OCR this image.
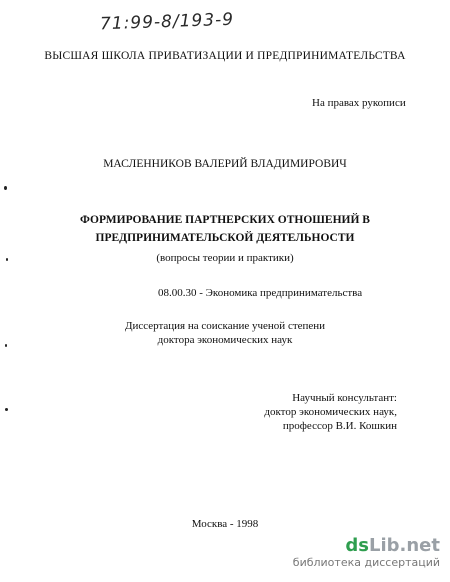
71:99-8/193-9
ВЫСШАЯ ШКОЛА ПРИВАТИЗАЦИИ И ПРЕДПРИНИМАТЕЛЬСТВА
На правах рукописи
МАСЛЕННИКОВ ВАЛЕРИЙ ВЛАДИМИРОВИЧ
ФОРМИРОВАНИЕ ПАРТНЕРСКИХ ОТНОШЕНИЙ В
ПРЕДПРИНИМАТЕЛЬСКОЙ ДЕЯТЕЛЬНОСТИ
(вопросы теории и практики)
08.00.30 - Экономика предпринимательства
Диссертация на соискание ученой степени
доктора экономических наук
Научный консультант:
доктор экономических наук,
профессор В.И. Кошкин
Москва - 1998
dsLib.net
библиотека диссертаций
